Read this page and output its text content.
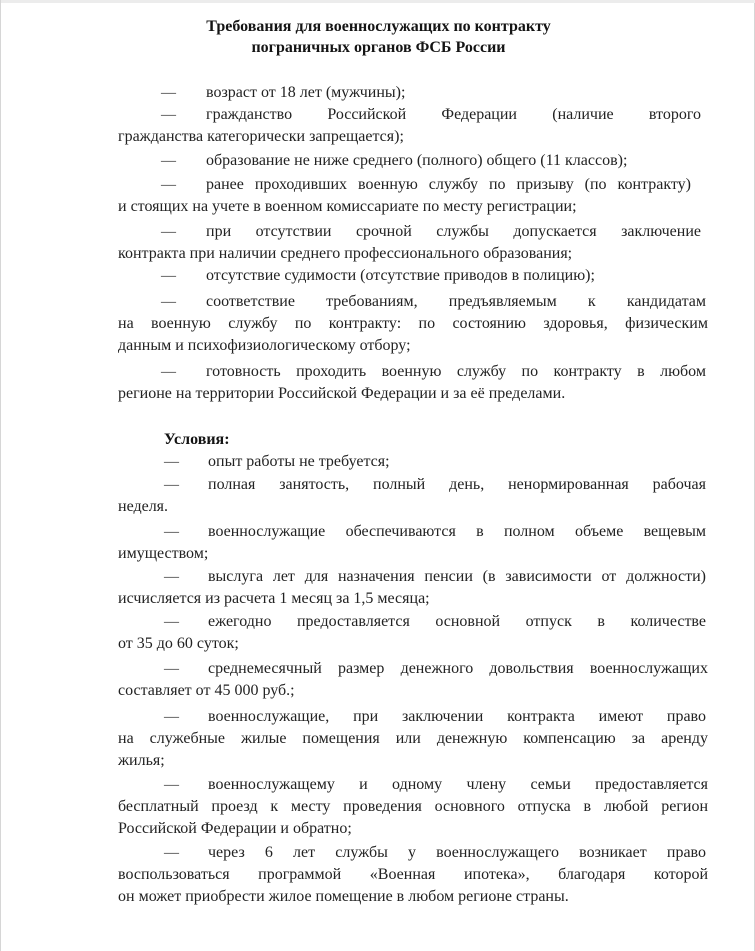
Требования для военнослужащих по контракту
пограничных органов ФСБ России
— возраст от 18 лет (мужчины);
— гражданство Российской Федерации (наличие второго
гражданства категорически запрещается);
— образование не ниже среднего (полного) общего (11 классов);
— ранее проходивших военную службу по призыву (по контракту)
и стоящих на учете в военном комиссариате по месту регистрации;
— при отсутствии срочной службы допускается заключение
контракта при наличии среднего профессионального образования;
— отсутствие судимости (отсутствие приводов в полицию);
— соответствие требованиям, предъявляемым к кандидатам
на военную службу по контракту: по состоянию здоровья, физическим
данным и психофизиологическому отбору;
— готовность проходить военную службу по контракту в любом
регионе на территории Российской Федерации и за её пределами.
Условия:
— опыт работы не требуется;
— полная занятость, полный день, ненормированная рабочая
неделя.
— военнослужащие обеспечиваются в полном объеме вещевым
имуществом;
— выслуга лет для назначения пенсии (в зависимости от должности)
исчисляется из расчета 1 месяц за 1,5 месяца;
— ежегодно предоставляется основной отпуск в количестве
от 35 до 60 суток;
— среднемесячный размер денежного довольствия военнослужащих
составляет от 45 000 руб.;
— военнослужащие, при заключении контракта имеют право
на служебные жилые помещения или денежную компенсацию за аренду
жилья;
— военнослужащему и одному члену семьи предоставляется
бесплатный проезд к месту проведения основного отпуска в любой регион
Российской Федерации и обратно;
— через 6 лет службы у военнослужащего возникает право
воспользоваться программой «Военная ипотека», благодаря которой
он может приобрести жилое помещение в любом регионе страны.
